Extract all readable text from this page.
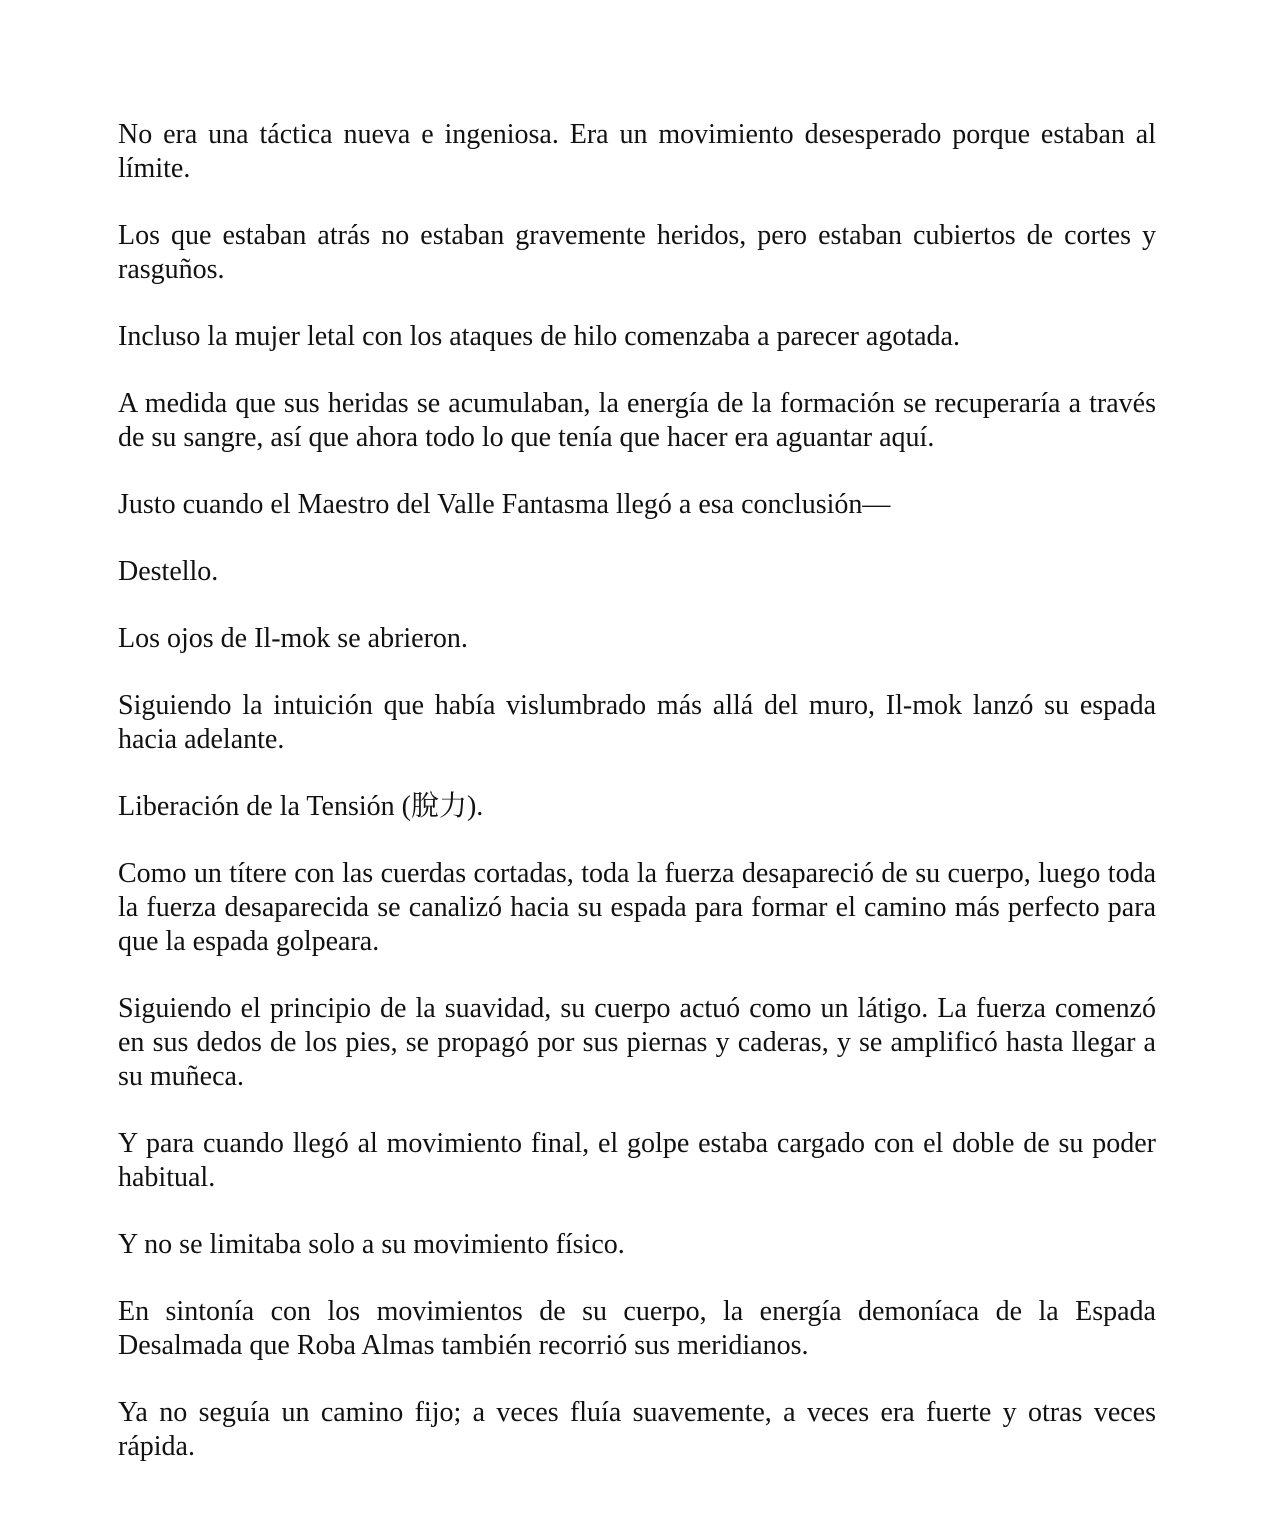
No era una táctica nueva e ingeniosa. Era un movimiento desesperado porque estaban al límite.

Los que estaban atrás no estaban gravemente heridos, pero estaban cubiertos de cortes y rasguños.

Incluso la mujer letal con los ataques de hilo comenzaba a parecer agotada.

A medida que sus heridas se acumulaban, la energía de la formación se recuperaría a través de su sangre, así que ahora todo lo que tenía que hacer era aguantar aquí.

Justo cuando el Maestro del Valle Fantasma llegó a esa conclusión—

Destello.

Los ojos de Il-mok se abrieron.

Siguiendo la intuición que había vislumbrado más allá del muro, Il-mok lanzó su espada hacia adelante.

Liberación de la Tensión (脫力).

Como un títere con las cuerdas cortadas, toda la fuerza desapareció de su cuerpo, luego toda la fuerza desaparecida se canalizó hacia su espada para formar el camino más perfecto para que la espada golpeara.

Siguiendo el principio de la suavidad, su cuerpo actuó como un látigo. La fuerza comenzó en sus dedos de los pies, se propagó por sus piernas y caderas, y se amplificó hasta llegar a su muñeca.

Y para cuando llegó al movimiento final, el golpe estaba cargado con el doble de su poder habitual.

Y no se limitaba solo a su movimiento físico.

En sintonía con los movimientos de su cuerpo, la energía demoníaca de la Espada Desalmada que Roba Almas también recorrió sus meridianos.

Ya no seguía un camino fijo; a veces fluía suavemente, a veces era fuerte y otras veces rápida.
